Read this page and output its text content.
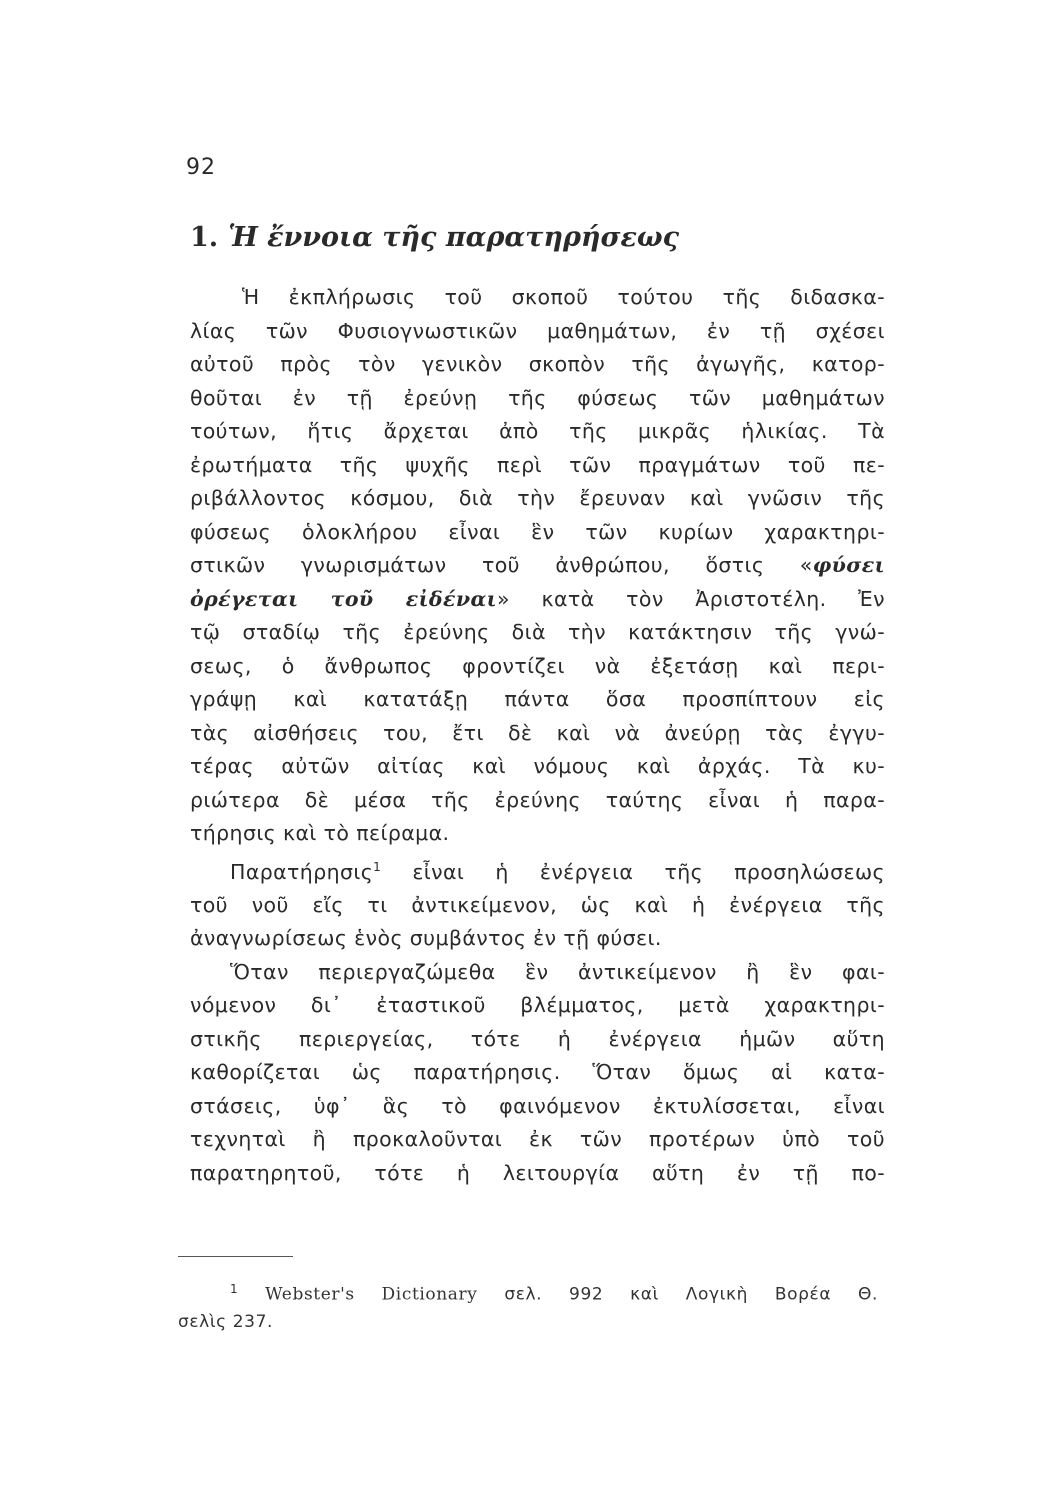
92
1. Ἡ ἔννοια τῆς παρατηρήσεως
Ἡ ἐκπλήρωσις τοῦ σκοποῦ τούτου τῆς διδασκα-
λίας τῶν Φυσιογνωστικῶν μαθημάτων, ἐν τῇ σχέσει
αὐτοῦ πρὸς τὸν γενικὸν σκοπὸν τῆς ἀγωγῆς, κατορ-
θοῦται ἐν τῇ ἐρεύνῃ τῆς φύσεως τῶν μαθημάτων
τούτων, ἥτις ἄρχεται ἀπὸ τῆς μικρᾶς ἡλικίας. Τὰ
ἐρωτήματα τῆς ψυχῆς περὶ τῶν πραγμάτων τοῦ πε-
ριβάλλοντος κόσμου, διὰ τὴν ἔρευναν καὶ γνῶσιν τῆς
φύσεως ὁλοκλήρου εἶναι ἓν τῶν κυρίων χαρακτηρι-
στικῶν γνωρισμάτων τοῦ ἀνθρώπου, ὅστις «φύσει
ὀρέγεται τοῦ εἰδέναι» κατὰ τὸν Ἀριστοτέλη. Ἐν
τῷ σταδίῳ τῆς ἐρεύνης διὰ τὴν κατάκτησιν τῆς γνώ-
σεως, ὁ ἄνθρωπος φροντίζει νὰ ἐξετάσῃ καὶ περι-
γράψῃ καὶ κατατάξῃ πάντα ὅσα προσπίπτουν εἰς
τὰς αἰσθήσεις του, ἔτι δὲ καὶ νὰ ἀνεύρῃ τὰς ἐγγυ-
τέρας αὐτῶν αἰτίας καὶ νόμους καὶ ἀρχάς. Τὰ κυ-
ριώτερα δὲ μέσα τῆς ἐρεύνης ταύτης εἶναι ἡ παρα-
τήρησις καὶ τὸ πείραμα.
Παρατήρησις$^1$ εἶναι ἡ ἐνέργεια τῆς προσηλώσεως
τοῦ νοῦ εἴς τι ἀντικείμενον, ὡς καὶ ἡ ἐνέργεια τῆς
ἀναγνωρίσεως ἑνὸς συμβάντος ἐν τῇ φύσει.
Ὅταν περιεργαζώμεθα ἓν ἀντικείμενον ἢ ἓν φαι-
νόμενον δι᾽ ἐταστικοῦ βλέμματος, μετὰ χαρακτηρι-
στικῆς περιεργείας, τότε ἡ ἐνέργεια ἡμῶν αὕτη
καθορίζεται ὡς παρατήρησις. Ὅταν ὅμως αἱ κατα-
στάσεις, ὑφ᾽ ἃς τὸ φαινόμενον ἐκτυλίσσεται, εἶναι
τεχνηταὶ ἢ προκαλοῦνται ἐκ τῶν προτέρων ὑπὸ τοῦ
παρατηρητοῦ, τότε ἡ λειτουργία αὕτη ἐν τῇ πο-
$^1$ Webster's Dictionary σελ. 992 καὶ Λογικὴ Βορέα Θ.
σελὶς 237.
